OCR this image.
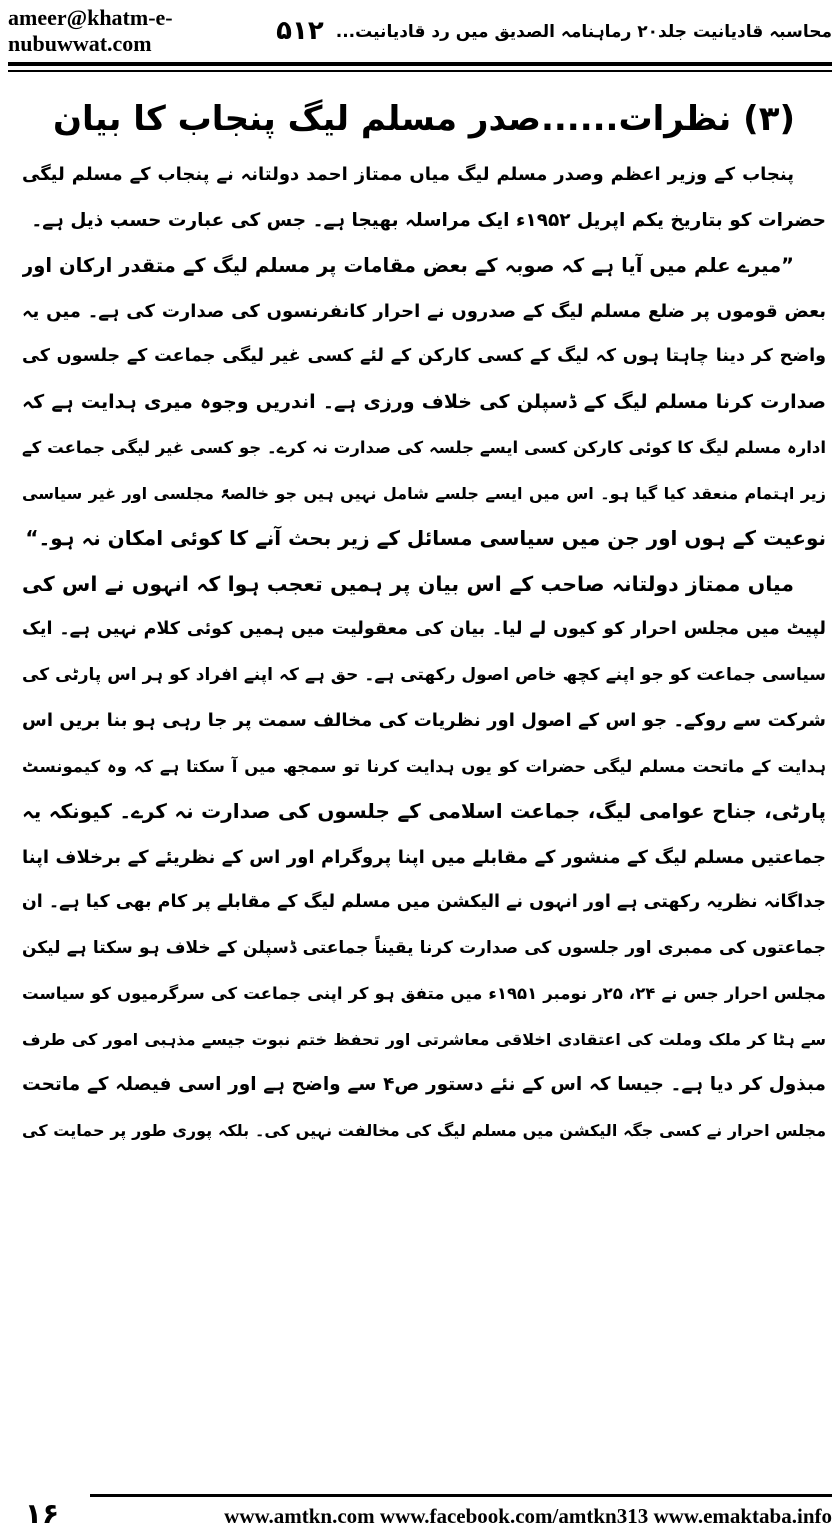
ameer@khatm-e-nubuwwat.com	محاسبہ قادیانیت جلد۲۰ رماہنامہ الصدیق میں رد قادیانیت...
۵۱۲
(۳) نظرات......صدر مسلم لیگ پنجاب کا بیان
پنجاب کے وزیر اعظم وصدر مسلم لیگ میاں ممتاز احمد دولتانہ نے پنجاب کے مسلم لیگی
حضرات کو بتاریخ یکم اپریل ۱۹۵۲ء ایک مراسلہ بھیجا ہے۔ جس کی عبارت حسب ذیل ہے۔
”میرے علم میں آیا ہے کہ صوبہ کے بعض مقامات پر مسلم لیگ کے متقدر ارکان اور
بعض قوموں پر ضلع مسلم لیگ کے صدروں نے احرار کانفرنسوں کی صدارت کی ہے۔ میں یہ
واضح کر دینا چاہتا ہوں کہ لیگ کے کسی کارکن کے لئے کسی غیر لیگی جماعت کے جلسوں کی
صدارت کرنا مسلم لیگ کے ڈسپلن کی خلاف ورزی ہے۔ اندریں وجوہ میری ہدایت ہے کہ
ادارہ مسلم لیگ کا کوئی کارکن کسی ایسے جلسہ کی صدارت نہ کرے۔ جو کسی غیر لیگی جماعت کے
زیر اہتمام منعقد کیا گیا ہو۔ اس میں ایسے جلسے شامل نہیں ہیں جو خالصۃً مجلسی اور غیر سیاسی
نوعیت کے ہوں اور جن میں سیاسی مسائل کے زیر بحث آنے کا کوئی امکان نہ ہو۔“
میاں ممتاز دولتانہ صاحب کے اس بیان پر ہمیں تعجب ہوا کہ انہوں نے اس کی
لپیٹ میں مجلس احرار کو کیوں لے لیا۔ بیان کی معقولیت میں ہمیں کوئی کلام نہیں ہے۔ ایک
سیاسی جماعت کو جو اپنے کچھ خاص اصول رکھتی ہے۔ حق ہے کہ اپنے افراد کو ہر اس پارٹی کی
شرکت سے روکے۔ جو اس کے اصول اور نظریات کی مخالف سمت پر جا رہی ہو بنا بریں اس
ہدایت کے ماتحت مسلم لیگی حضرات کو یوں ہدایت کرنا تو سمجھ میں آ سکتا ہے کہ وہ کیمونسٹ
پارٹی، جناح عوامی لیگ، جماعت اسلامی کے جلسوں کی صدارت نہ کرے۔ کیونکہ یہ
جماعتیں مسلم لیگ کے منشور کے مقابلے میں اپنا پروگرام اور اس کے نظریئے کے برخلاف اپنا
جداگانہ نظریہ رکھتی ہے اور انہوں نے الیکشن میں مسلم لیگ کے مقابلے پر کام بھی کیا ہے۔ ان
جماعتوں کی ممبری اور جلسوں کی صدارت کرنا یقیناً جماعتی ڈسپلن کے خلاف ہو سکتا ہے لیکن
مجلس احرار جس نے ۲۴، ۲۵ر نومبر ۱۹۵۱ء میں متفق ہو کر اپنی جماعت کی سرگرمیوں کو سیاست
سے ہٹا کر ملک وملت کی اعتقادی اخلاقی معاشرتی اور تحفظ ختم نبوت جیسے مذہبی امور کی طرف
مبذول کر دیا ہے۔ جیسا کہ اس کے نئے دستور ص۴ سے واضح ہے اور اسی فیصلہ کے ماتحت
مجلس احرار نے کسی جگہ الیکشن میں مسلم لیگ کی مخالفت نہیں کی۔ بلکہ پوری طور پر حمایت کی
۱۶	www.amtkn.com www.facebook.com/amtkn313 www.emaktaba.info
